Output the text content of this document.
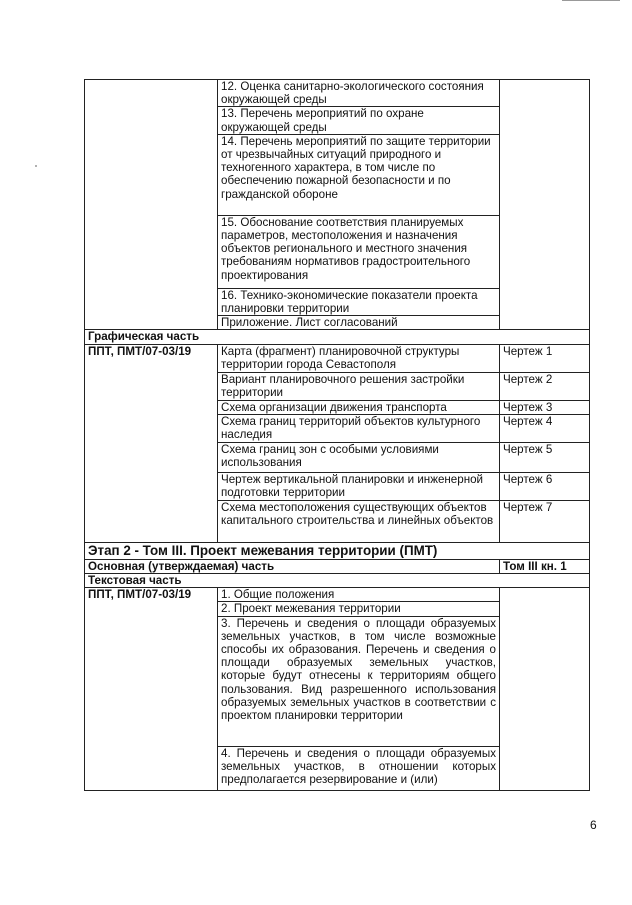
	12. Оценка санитарно-экологического состояния окружающей среды	
	13. Перечень мероприятий по охране окружающей среды	
	14. Перечень мероприятий по защите территории от чрезвычайных ситуаций природного и техногенного характера, в том числе по обеспечению пожарной безопасности и по гражданской обороне	
	15. Обоснование соответствия планируемых параметров, местоположения и назначения объектов регионального и местного значения требованиям нормативов градостроительного проектирования	
	16. Технико-экономические показатели проекта планировки территории	
	Приложение. Лист согласований	
Графическая часть		
ППТ, ПМТ/07-03/19	Карта (фрагмент) планировочной структуры территории города Севастополя	Чертеж 1
	Вариант планировочного решения застройки территории	Чертеж 2
	Схема организации движения транспорта	Чертеж 3
	Схема границ территорий объектов культурного наследия	Чертеж 4
	Схема границ зон с особыми условиями использования	Чертеж 5
	Чертеж вертикальной планировки и инженерной подготовки территории	Чертеж 6
	Схема местоположения существующих объектов капитального строительства и линейных объектов	Чертеж 7
Этап 2 - Том III. Проект межевания территории (ПМТ)		
Основная (утверждаемая) часть		Том III кн. 1
Текстовая часть		
ППТ, ПМТ/07-03/19	1. Общие положения	
	2. Проект межевания территории	
	3. Перечень и сведения о площади образуемых земельных участков, в том числе возможные способы их образования. Перечень и сведения о площади образуемых земельных участков, которые будут отнесены к территориям общего пользования. Вид разрешенного использования образуемых земельных участков в соответствии с проектом планировки территории	
	4. Перечень и сведения о площади образуемых земельных участков, в отношении которых предполагается резервирование и (или)	
6
